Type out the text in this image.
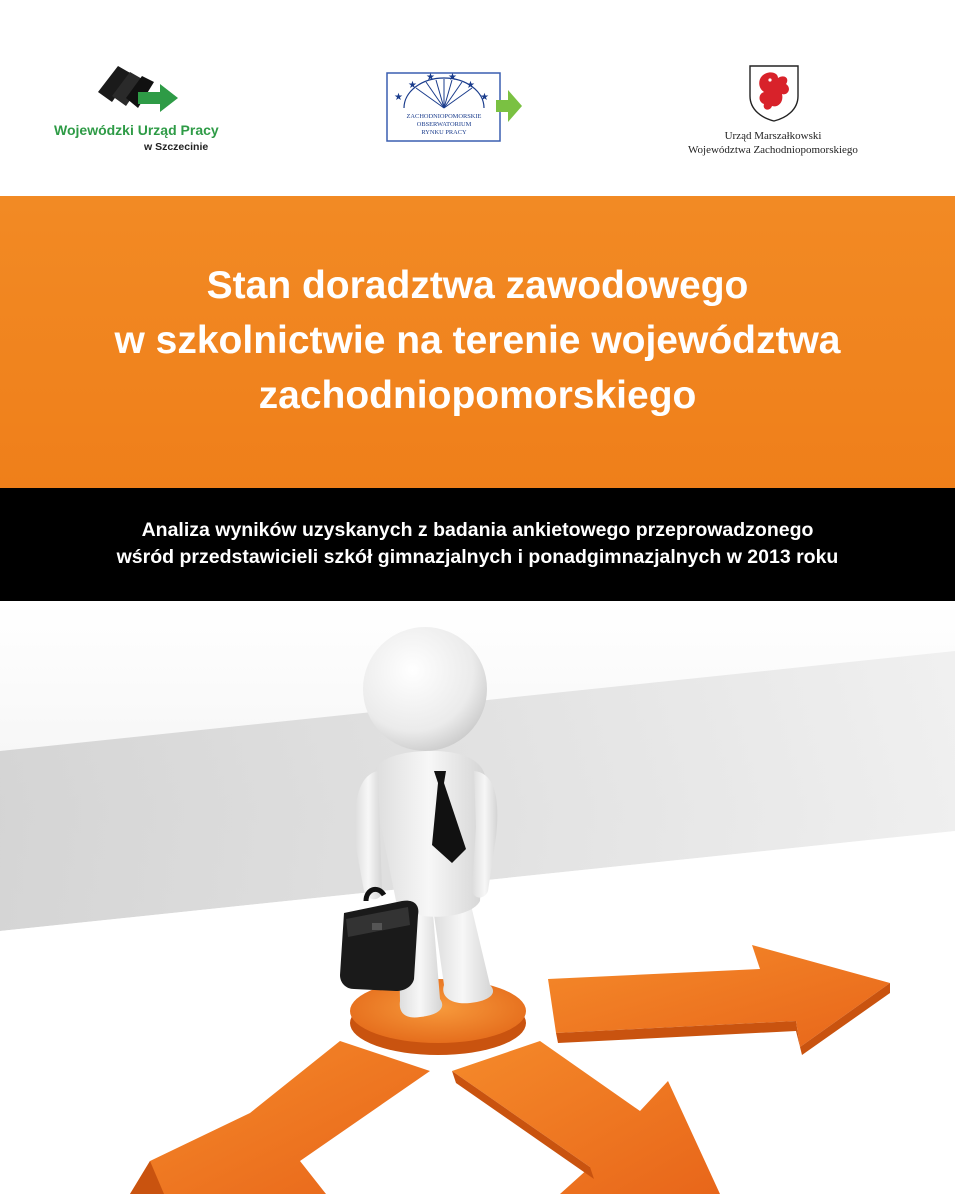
Wojewódzki Urząd Pracy
w Szczecinie
★
★
★ ★
★
★
ZACHODNIOPOMORSKIE
OBSERWATORIUM
RYNKU PRACY	Urząd Marszałkowski
Województwa Zachodniopomorskiego
Stan doradztwa zawodowego
w szkolnictwie na terenie województwa
zachodniopomorskiego
Analiza wyników uzyskanych z badania ankietowego przeprowadzonego
wśród przedstawicieli szkół gimnazjalnych i ponadgimnazjalnych w 2013 roku
